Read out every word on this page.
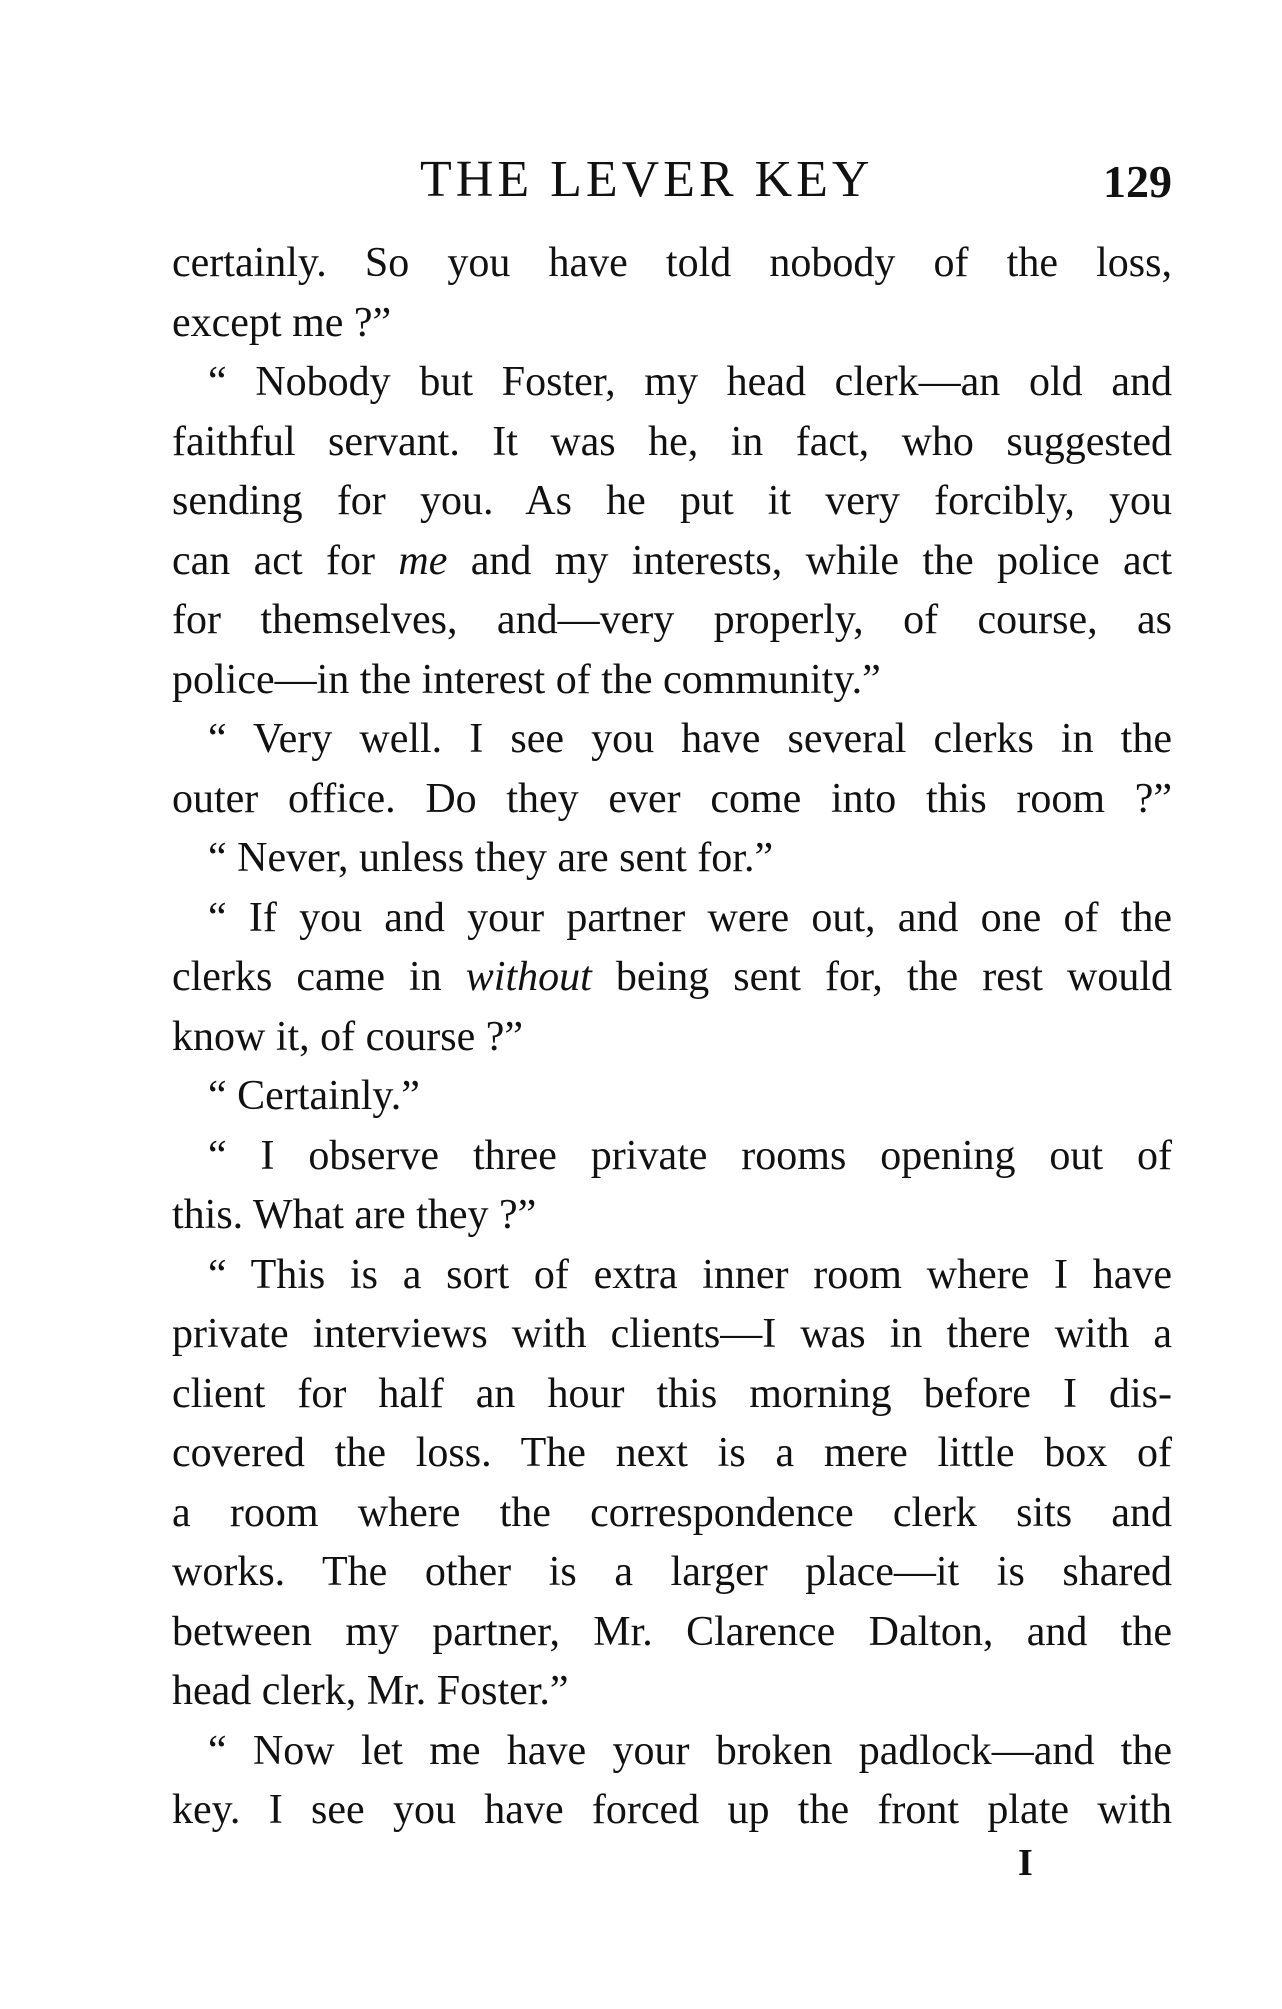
THE LEVER KEY	129
certainly. So you have told nobody of the loss,
except me ?”
“ Nobody but Foster, my head clerk—an old and
faithful servant. It was he, in fact, who suggested
sending for you. As he put it very forcibly, you
can act for me and my interests, while the police act
for themselves, and—very properly, of course, as
police—in the interest of the community.”
“ Very well. I see you have several clerks in the
outer office. Do they ever come into this room ?”
“ Never, unless they are sent for.”
“ If you and your partner were out, and one of the
clerks came in without being sent for, the rest would
know it, of course ?”
“ Certainly.”
“ I observe three private rooms opening out of
this. What are they ?”
“ This is a sort of extra inner room where I have
private interviews with clients—I was in there with a
client for half an hour this morning before I dis-
covered the loss. The next is a mere little box of
a room where the correspondence clerk sits and
works. The other is a larger place—it is shared
between my partner, Mr. Clarence Dalton, and the
head clerk, Mr. Foster.”
“ Now let me have your broken padlock—and the
key. I see you have forced up the front plate with
I
